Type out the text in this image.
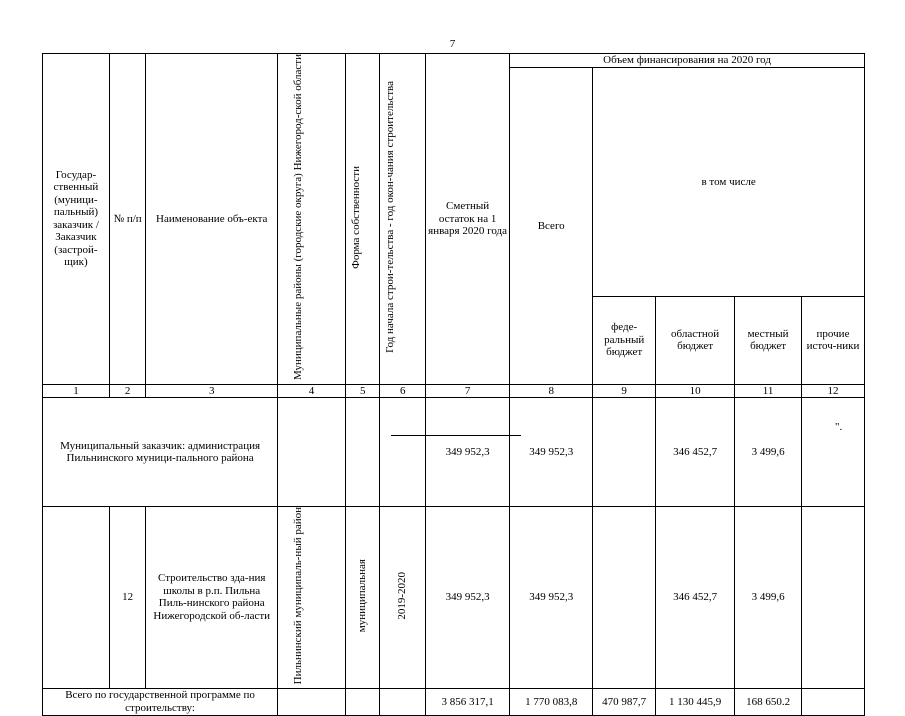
7
Государ-ственный (муници-пальный) заказчик / Заказчик (застрой-щик)	№ п/п	Наименование объ-екта	Муниципальные районы (городские округа) Нижегород-ской области	Форма собственности	Год начала строи-тельства - год окон-чания строительства	Сметный остаток на 1 января 2020 года	Объем финансирования на 2020 год				
							Всего	в том числе			
								феде-ральный бюджет	областной бюджет	местный бюджет	прочие источ-ники
1	2	3	4	5	6	7	8	9	10	11	12
Муниципальный заказчик: администрация Пильнинского муници-пального района						349 952,3	349 952,3		346 452,7	3 499,6	
	12	Строительство зда-ния школы в р.п. Пильна Пиль-нинского района Нижегородской об-ласти	Пильнинский муниципаль-ный район	муниципальная	2019-2020	349 952,3	349 952,3		346 452,7	3 499,6	
Всего по государственной программе по строительству:						3 856 317,1	1 770 083,8	470 987,7	1 130 445,9	168 650.2	
".
